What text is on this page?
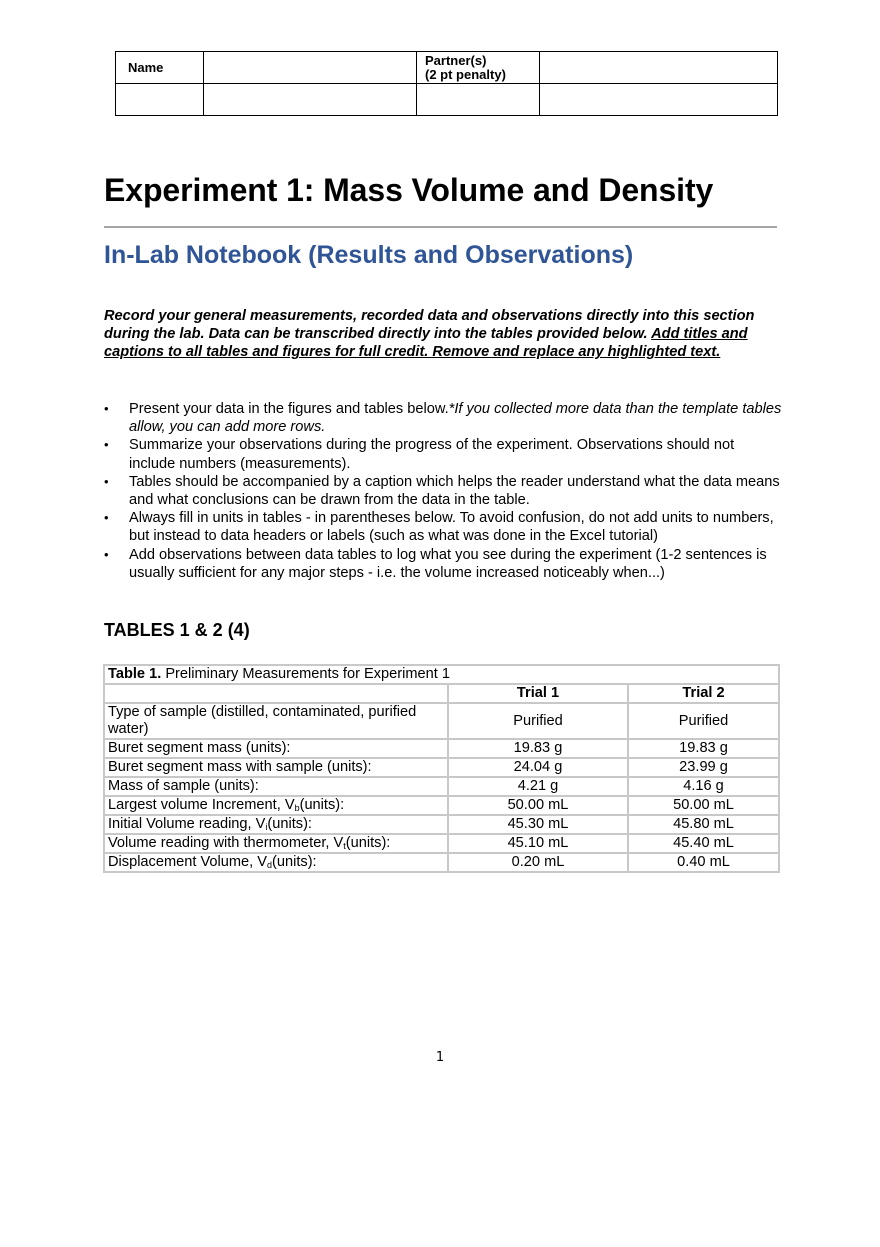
Name		Partner(s)
(2 pt penalty)	

Experiment 1: Mass Volume and Density
In-Lab Notebook (Results and Observations)
Record your general measurements, recorded data and observations directly into this section during the lab. Data can be transcribed directly into the tables provided below. Add titles and captions to all tables and figures for full credit. Remove and replace any highlighted text.
• Present your data in the figures and tables below.*If you collected more data than the template tables allow, you can add more rows.
• Summarize your observations during the progress of the experiment. Observations should not include numbers (measurements).
• Tables should be accompanied by a caption which helps the reader understand what the data means and what conclusions can be drawn from the data in the table.
• Always fill in units in tables - in parentheses below. To avoid confusion, do not add units to numbers, but instead to data headers or labels (such as what was done in the Excel tutorial)
• Add observations between data tables to log what you see during the experiment (1-2 sentences is usually sufficient for any major steps - i.e. the volume increased noticeably when...)
TABLES 1 & 2 (4)
Table 1. Preliminary Measurements for Experiment 1		
	Trial 1	Trial 2
Type of sample (distilled, contaminated, purified water)	Purified	Purified
Buret segment mass (units):	19.83 g	19.83 g
Buret segment mass with sample (units):	24.04 g	23.99 g
Mass of sample (units):	4.21 g	4.16 g
Largest volume Increment, $V_b(units)$:	50.00 mL	50.00 mL
Initial Volume reading, $V_i(units)$:	45.30 mL	45.80 mL
Volume reading with thermometer, $V_t(units)$:	45.10 mL	45.40 mL
Displacement Volume, $V_d(units)$:	0.20 mL	0.40 mL
1
